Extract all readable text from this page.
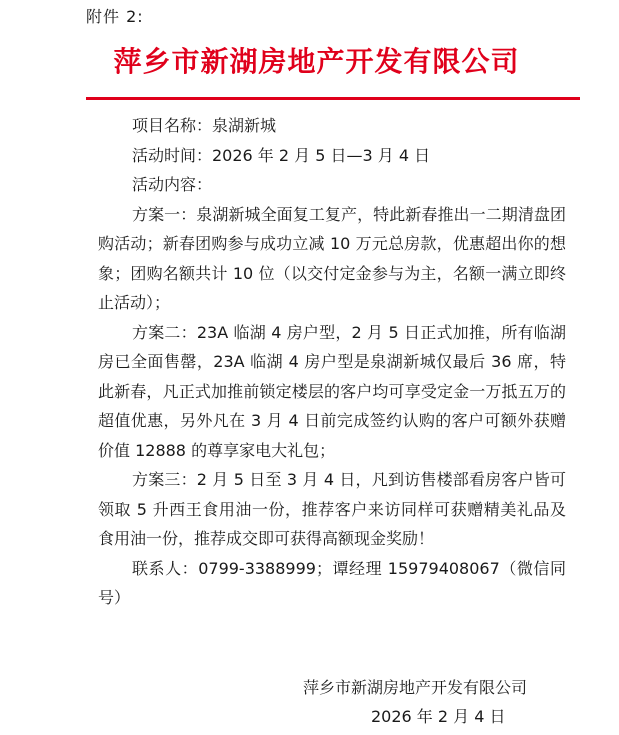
附件 2:
萍乡市新湖房地产开发有限公司

项目名称：泉湖新城

活动时间：2026 年 2 月 5 日—3 月 4 日

活动内容：

方案一：泉湖新城全面复工复产，特此新春推出一二期清盘团购活动；新春团购参与成功立减 10 万元总房款，优惠超出你的想象；团购名额共计 10 位（以交付定金参与为主，名额一满立即终止活动）；

方案二：23A 临湖 4 房户型，2 月 5 日正式加推，所有临湖房已全面售罄，23A 临湖 4 房户型是泉湖新城仅最后 36 席，特此新春，凡正式加推前锁定楼层的客户均可享受定金一万抵五万的超值优惠，另外凡在 3 月 4 日前完成签约认购的客户可额外获赠价值 12888 的尊享家电大礼包；

方案三：2 月 5 日至 3 月 4 日，凡到访售楼部看房客户皆可领取 5 升西王食用油一份，推荐客户来访同样可获赠精美礼品及食用油一份，推荐成交即可获得高额现金奖励！

联系人：0799-3388999；谭经理 15979408067（微信同号）

萍乡市新湖房地产开发有限公司
2026 年 2 月 4 日
